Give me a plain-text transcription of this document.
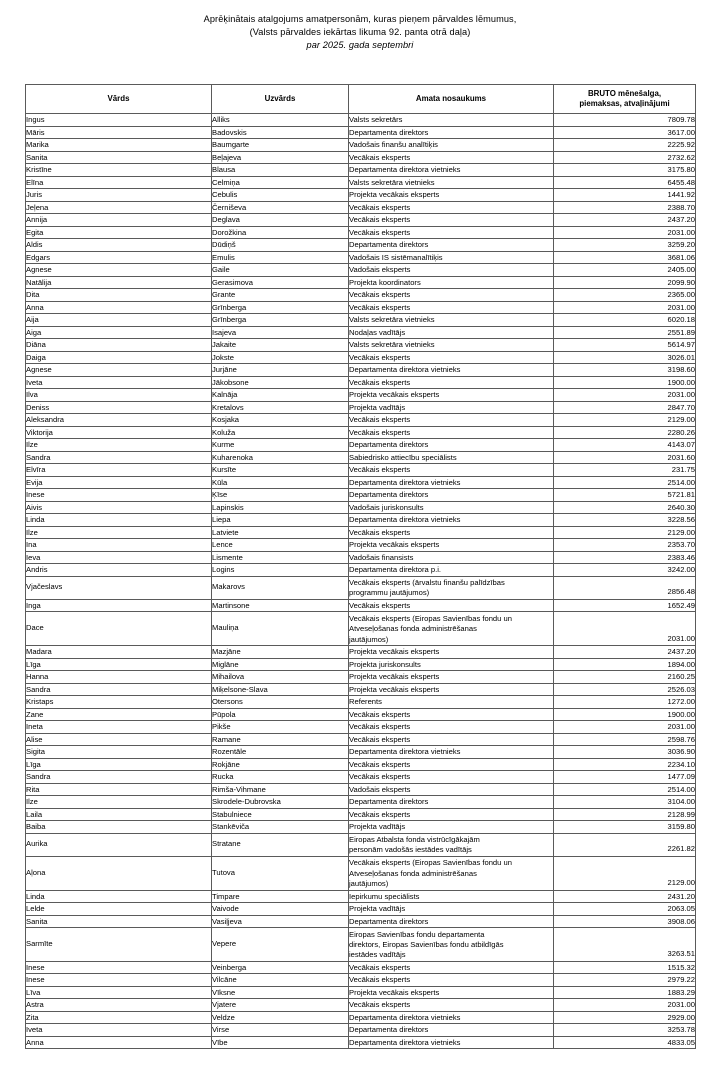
Aprēķinātais atalgojums amatpersonām, kuras pieņem pārvaldes lēmumus,
(Valsts pārvaldes iekārtas likuma 92. panta otrā daļa)
par 2025. gada septembri
Vārds	Uzvārds	Amata nosaukums	BRUTO mēnešalga,
piemaksas, atvaļinājumi

Ingus	Alliks	Valsts sekretārs	7809.78
Māris	Badovskis	Departamenta direktors	3617.00
Marika	Baumgarte	Vadošais finanšu analītiķis	2225.92
Sanita	Beļajeva	Vecākais eksperts	2732.62
Kristīne	Blausa	Departamenta direktora vietnieks	3175.80
Elīna	Celmiņa	Valsts sekretāra vietnieks	6455.48
Juris	Cebulis	Projekta vecākais eksperts	1441.92
Jeļena	Černiševa	Vecākais eksperts	2388.70
Annija	Deglava	Vecākais eksperts	2437.20
Egita	Dorožkina	Vecākais eksperts	2031.00
Aldis	Dūdiņš	Departamenta direktors	3259.20
Edgars	Emulis	Vadošais IS sistēmanalītiķis	3681.06
Agnese	Gaile	Vadošais eksperts	2405.00
Natālija	Gerasimova	Projekta koordinators	2099.90
Dita	Grante	Vecākais eksperts	2365.00
Anna	Grīnberga	Vecākais eksperts	2031.00
Aija	Grīnberga	Valsts sekretāra vietnieks	6020.18
Aiga	Isajeva	Nodaļas vadītājs	2551.89
Diāna	Jakaite	Valsts sekretāra vietnieks	5614.97
Daiga	Jokste	Vecākais eksperts	3026.01
Agnese	Jurjāne	Departamenta direktora vietnieks	3198.60
Iveta	Jākobsone	Vecākais eksperts	1900.00
Ilva	Kalnāja	Projekta vecākais eksperts	2031.00
Deniss	Kretalovs	Projekta vadītājs	2847.70
Aleksandra	Kosjaka	Vecākais eksperts	2129.00
Viktorija	Koluža	Vecākais eksperts	2280.26
Ilze	Kurme	Departamenta direktors	4143.07
Sandra	Kuharenoka	Sabiedrisko attiecību speciālists	2031.60
Elvīra	Kursīte	Vecākais eksperts	231.75
Evija	Kūla	Departamenta direktora vietnieks	2514.00
Inese	Ķīse	Departamenta direktors	5721.81
Aivis	Lapinskis	Vadošais juriskonsults	2640.30
Linda	Liepa	Departamenta direktora vietnieks	3228.56
Ilze	Latviete	Vecākais eksperts	2129.00
Ina	Lence	Projekta vecākais eksperts	2353.70
Ieva	Lismente	Vadošais finansists	2383.46
Andris	Logins	Departamenta direktora p.i.	3242.00
Vjačeslavs	Makarovs	Vecākais eksperts (ārvalstu finanšu palīdzības
programmu jautājumos)	2856.48
Inga	Martinsone	Vecākais eksperts	1652.49
Dace	Mauliņa	Vecākais eksperts (Eiropas Savienības fondu un
Atveseļošanas fonda administrēšanas
jautājumos)	2031.00
Madara	Mazjāne	Projekta vecākais eksperts	2437.20
Līga	Miglāne	Projekta juriskonsults	1894.00
Hanna	Mihailova	Projekta vecākais eksperts	2160.25
Sandra	Miķelsone-Slava	Projekta vecākais eksperts	2526.03
Kristaps	Otersons	Referents	1272.00
Zane	Pūpola	Vecākais eksperts	1900.00
Ineta	Pikše	Vecākais eksperts	2031.00
Alise	Ramane	Vecākais eksperts	2598.76
Sigita	Rozentāle	Departamenta direktora vietnieks	3036.90
Līga	Rokjāne	Vecākais eksperts	2234.10
Sandra	Rucka	Vecākais eksperts	1477.09
Rita	Rimša-Vihmane	Vadošais eksperts	2514.00
Ilze	Skrodele-Dubrovska	Departamenta direktors	3104.00
Laila	Stabulniece	Vecākais eksperts	2128.99
Baiba	Stankēviča	Projekta vadītājs	3159.80
Aurika	Stratane	Eiropas Atbalsta fonda vistrūcīgākajām
personām vadošās iestādes vadītājs	2261.82
Aļona	Tutova	Vecākais eksperts (Eiropas Savienības fondu un
Atveseļošanas fonda administrēšanas
jautājumos)	2129.00
Linda	Timpare	Iepirkumu speciālists	2431.20
Lelde	Vaivode	Projekta vadītājs	2063.05
Sanita	Vasiļjeva	Departamenta direktors	3908.06
Sarmīte	Vepere	Eiropas Savienības fondu departamenta
direktors, Eiropas Savienības fondu atbildīgās
iestādes vadītājs	3263.51
Inese	Veinberga	Vecākais eksperts	1515.32
Inese	Vilcāne	Vecākais eksperts	2979.22
Līva	Vīksne	Projekta vecākais eksperts	1883.29
Astra	Vjatere	Vecākais eksperts	2031.00
Zita	Veldze	Departamenta direktora vietnieks	2929.00
Iveta	Virse	Departamenta direktors	3253.78
Anna	Vībe	Departamenta direktora vietnieks	4833.05
